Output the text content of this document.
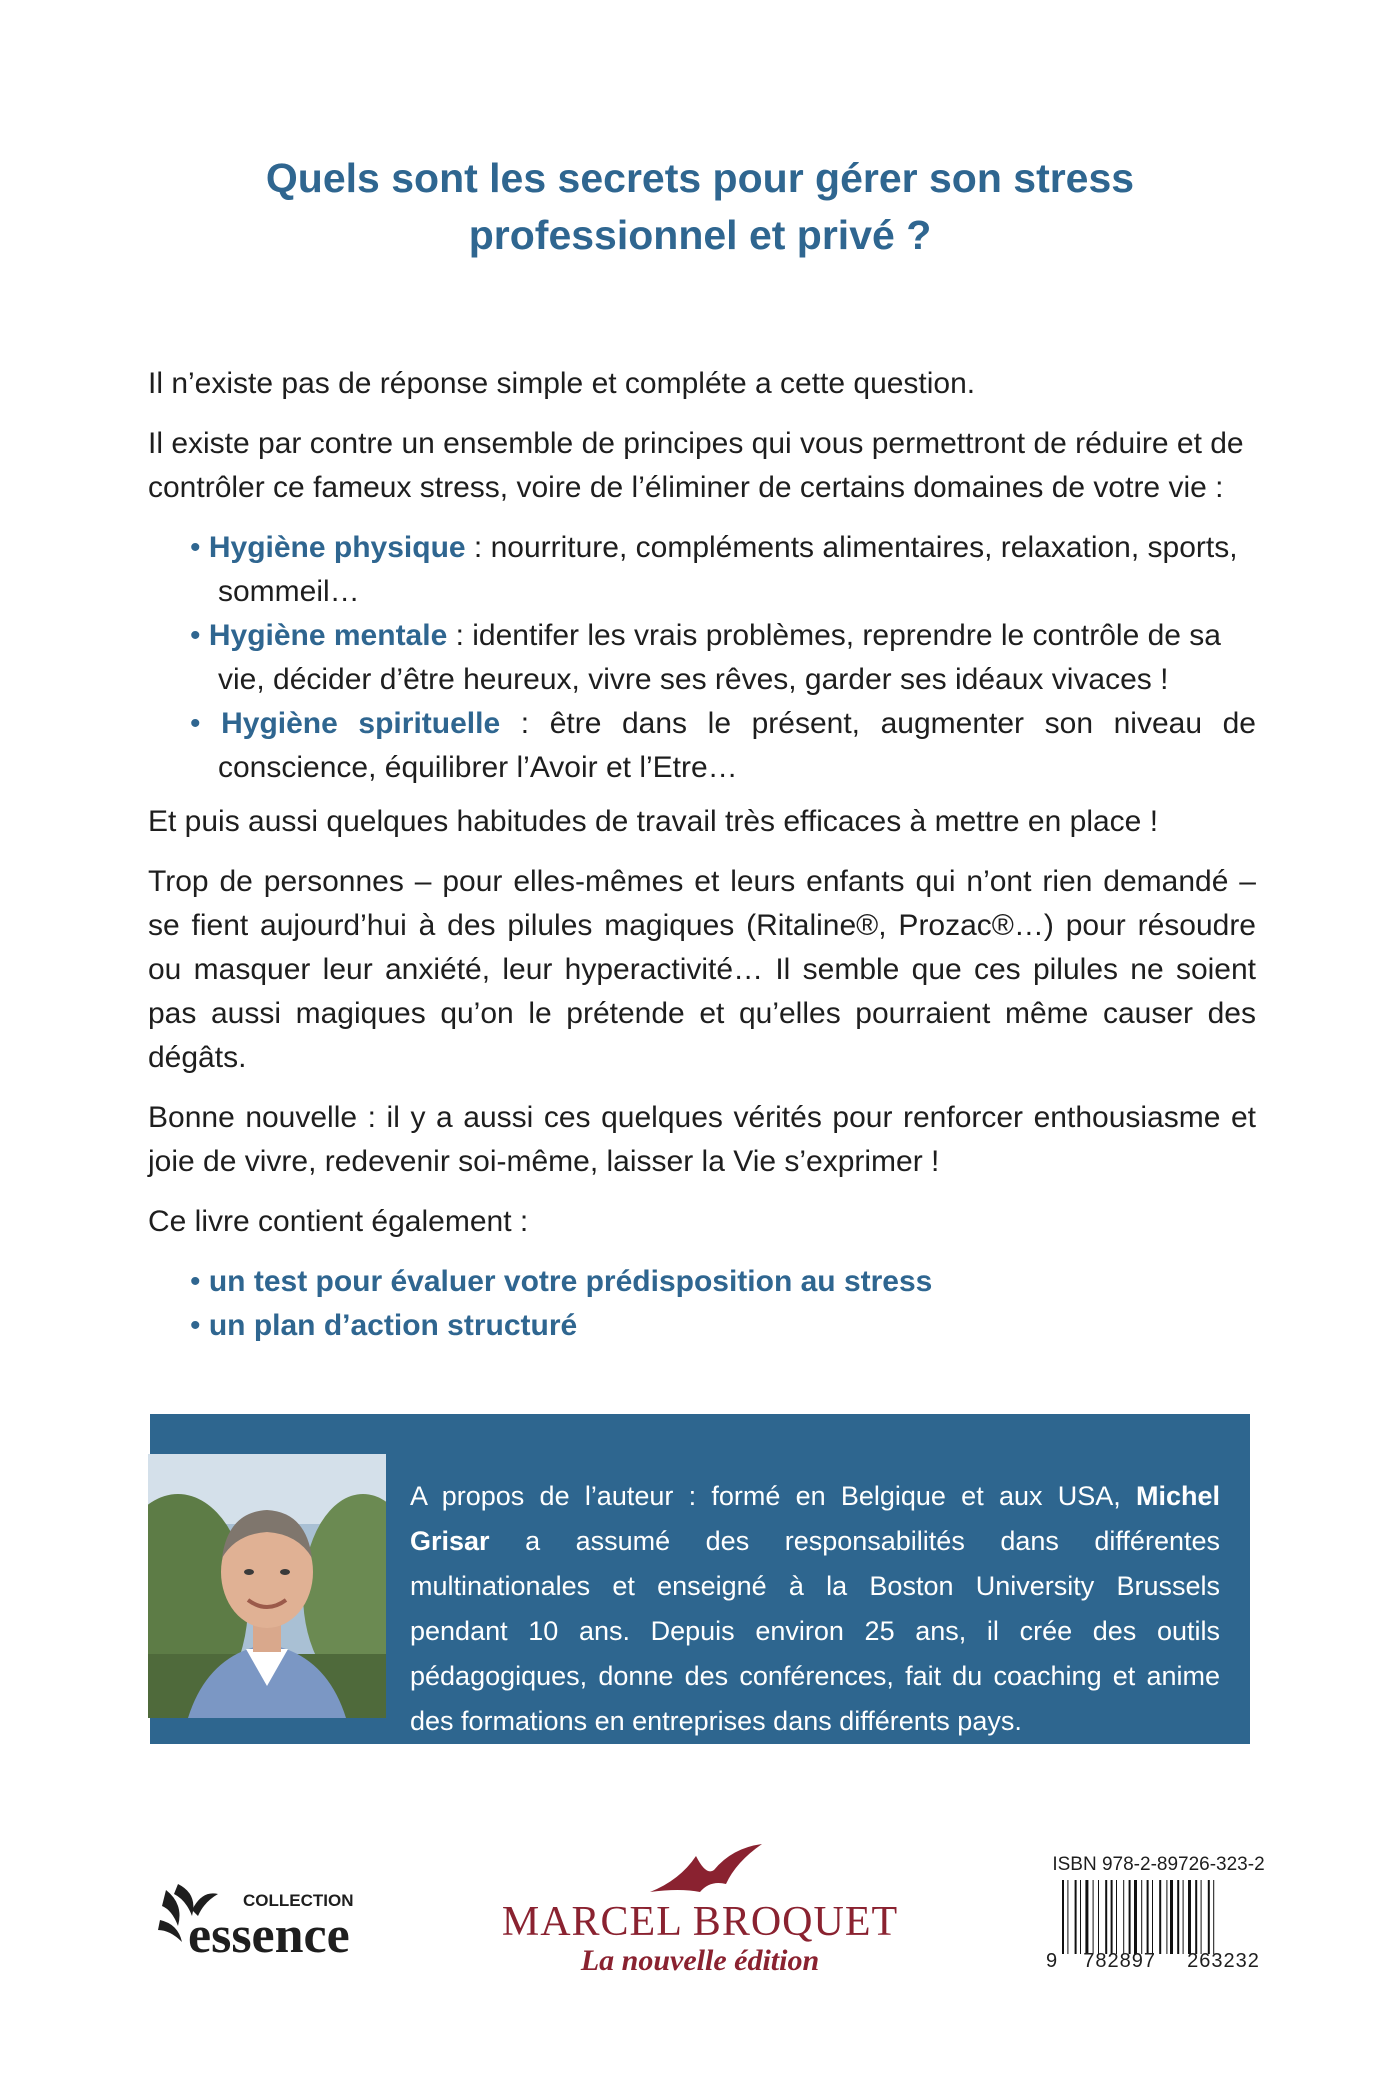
Quels sont les secrets pour gérer son stress
professionnel et privé ?

Il n’existe pas de réponse simple et compléte a cette question.

Il existe par contre un ensemble de principes qui vous permettront de réduire et de contrôler ce fameux stress, voire de l’éliminer de certains domaines de votre vie :

• Hygiène physique : nourriture, compléments alimentaires, relaxation, sports, sommeil…
• Hygiène mentale : identifer les vrais problèmes, reprendre le contrôle de sa vie, décider d’être heureux, vivre ses rêves, garder ses idéaux vivaces !
• Hygiène spirituelle : être dans le présent, augmenter son niveau de conscience, équilibrer l’Avoir et l’Etre…

Et puis aussi quelques habitudes de travail très efficaces à mettre en place !

Trop de personnes – pour elles-mêmes et leurs enfants qui n’ont rien demandé – se fient aujourd’hui à des pilules magiques (Ritaline®, Prozac®…) pour résoudre ou masquer leur anxiété, leur hyperactivité… Il semble que ces pilules ne soient pas aussi magiques qu’on le prétende et qu’elles pourraient même causer des dégâts.

Bonne nouvelle : il y a aussi ces quelques vérités pour renforcer enthousiasme et joie de vivre, redevenir soi-même, laisser la Vie s’exprimer !

Ce livre contient également :

• un test pour évaluer votre prédisposition au stress
• un plan d’action structuré
A propos de l’auteur : formé en Belgique et aux USA, Michel Grisar a assumé des responsabilités dans différentes multinationales et enseigné à la Boston University Brussels pendant 10 ans. Depuis environ 25 ans, il crée des outils pédagogiques, donne des conférences, fait du coaching et anime des formations en entreprises dans différents pays.
COLLECTION
essence	MARCEL BROQUET
La nouvelle édition
ISBN 978-2-89726-323-2
9 782897 263232
